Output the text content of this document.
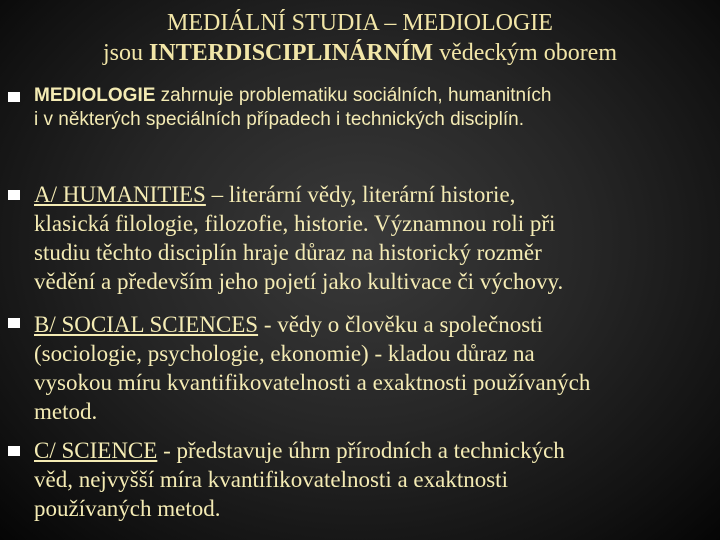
MEDIÁLNÍ STUDIA – MEDIOLOGIE
jsou INTERDISCIPLINÁRNÍM vědeckým oborem
MEDIOLOGIE zahrnuje problematiku sociálních, humanitních
i v některých speciálních případech i technických disciplín.
A/ HUMANITIES – literární vědy, literární historie,
klasická filologie, filozofie, historie. Významnou roli při
studiu těchto disciplín hraje důraz na historický rozměr
vědění a především jeho pojetí jako kultivace či výchovy.
B/ SOCIAL SCIENCES - vědy o člověku a společnosti
(sociologie, psychologie, ekonomie) - kladou důraz na
vysokou míru kvantifikovatelnosti a exaktnosti používaných
metod.
C/ SCIENCE - představuje úhrn přírodních a technických
věd, nejvyšší míra kvantifikovatelnosti a exaktnosti
používaných metod.
